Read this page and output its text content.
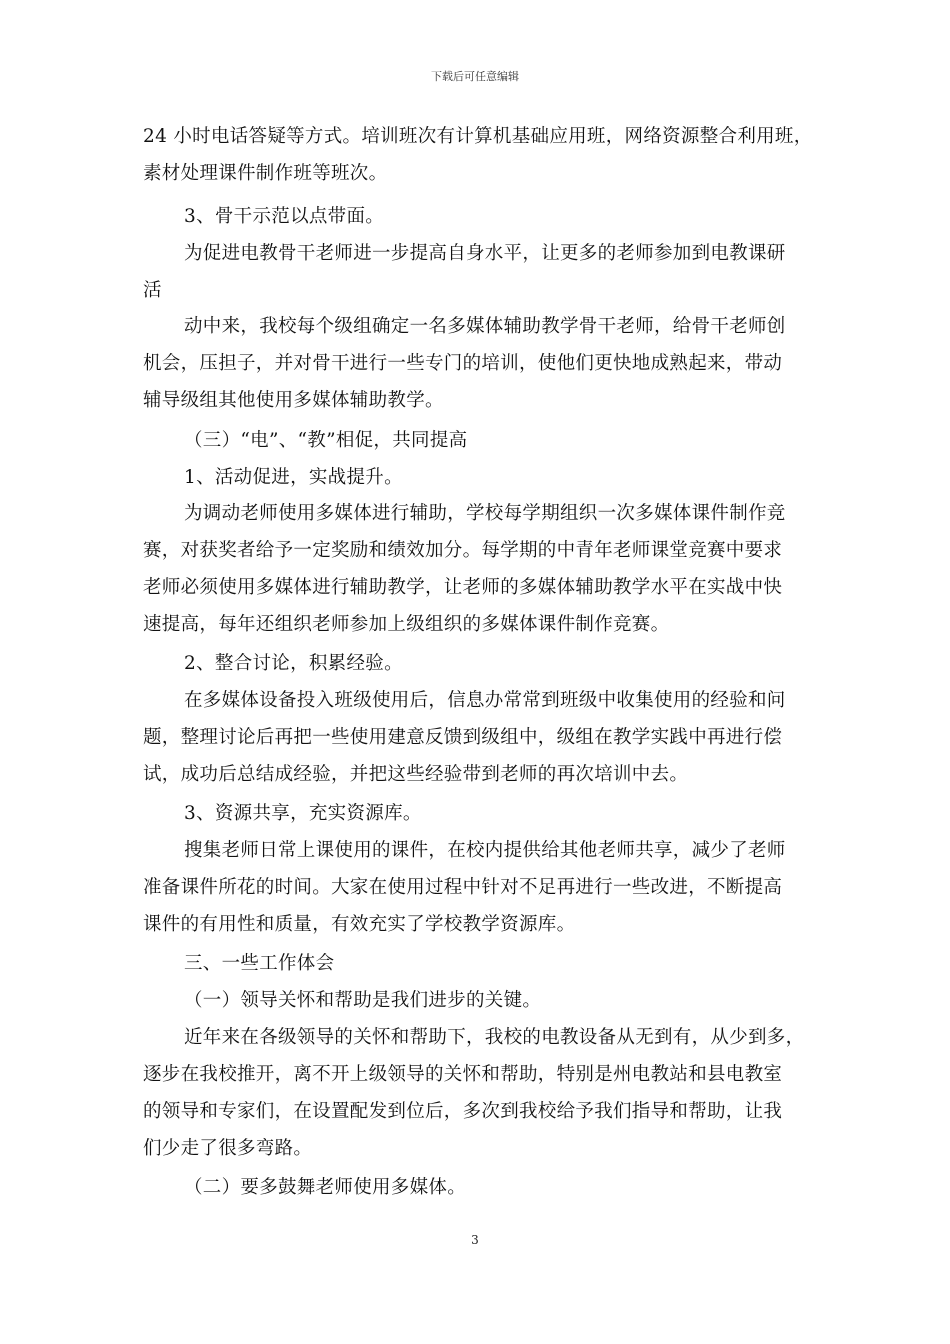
下载后可任意编辑
24 小时电话答疑等方式。培训班次有计算机基础应用班，网络资源整合利用班，
素材处理课件制作班等班次。
3、骨干示范以点带面。
为促进电教骨干老师进一步提高自身水平，让更多的老师参加到电教课研
活
动中来，我校每个级组确定一名多媒体辅助教学骨干老师，给骨干老师创
机会，压担子，并对骨干进行一些专门的培训，使他们更快地成熟起来，带动
辅导级组其他使用多媒体辅助教学。
（三）“电”、“教”相促，共同提高
1、活动促进，实战提升。
为调动老师使用多媒体进行辅助，学校每学期组织一次多媒体课件制作竞
赛，对获奖者给予一定奖励和绩效加分。每学期的中青年老师课堂竞赛中要求
老师必须使用多媒体进行辅助教学，让老师的多媒体辅助教学水平在实战中快
速提高，每年还组织老师参加上级组织的多媒体课件制作竞赛。
2、整合讨论，积累经验。
在多媒体设备投入班级使用后，信息办常常到班级中收集使用的经验和问
题，整理讨论后再把一些使用建意反馈到级组中，级组在教学实践中再进行偿
试，成功后总结成经验，并把这些经验带到老师的再次培训中去。
3、资源共享，充实资源库。
搜集老师日常上课使用的课件，在校内提供给其他老师共享，减少了老师
准备课件所花的时间。大家在使用过程中针对不足再进行一些改进，不断提高
课件的有用性和质量，有效充实了学校教学资源库。
三、一些工作体会
（一）领导关怀和帮助是我们进步的关键。
近年来在各级领导的关怀和帮助下，我校的电教设备从无到有，从少到多，
逐步在我校推开，离不开上级领导的关怀和帮助，特别是州电教站和县电教室
的领导和专家们，在设置配发到位后，多次到我校给予我们指导和帮助，让我
们少走了很多弯路。
（二）要多鼓舞老师使用多媒体。
3
